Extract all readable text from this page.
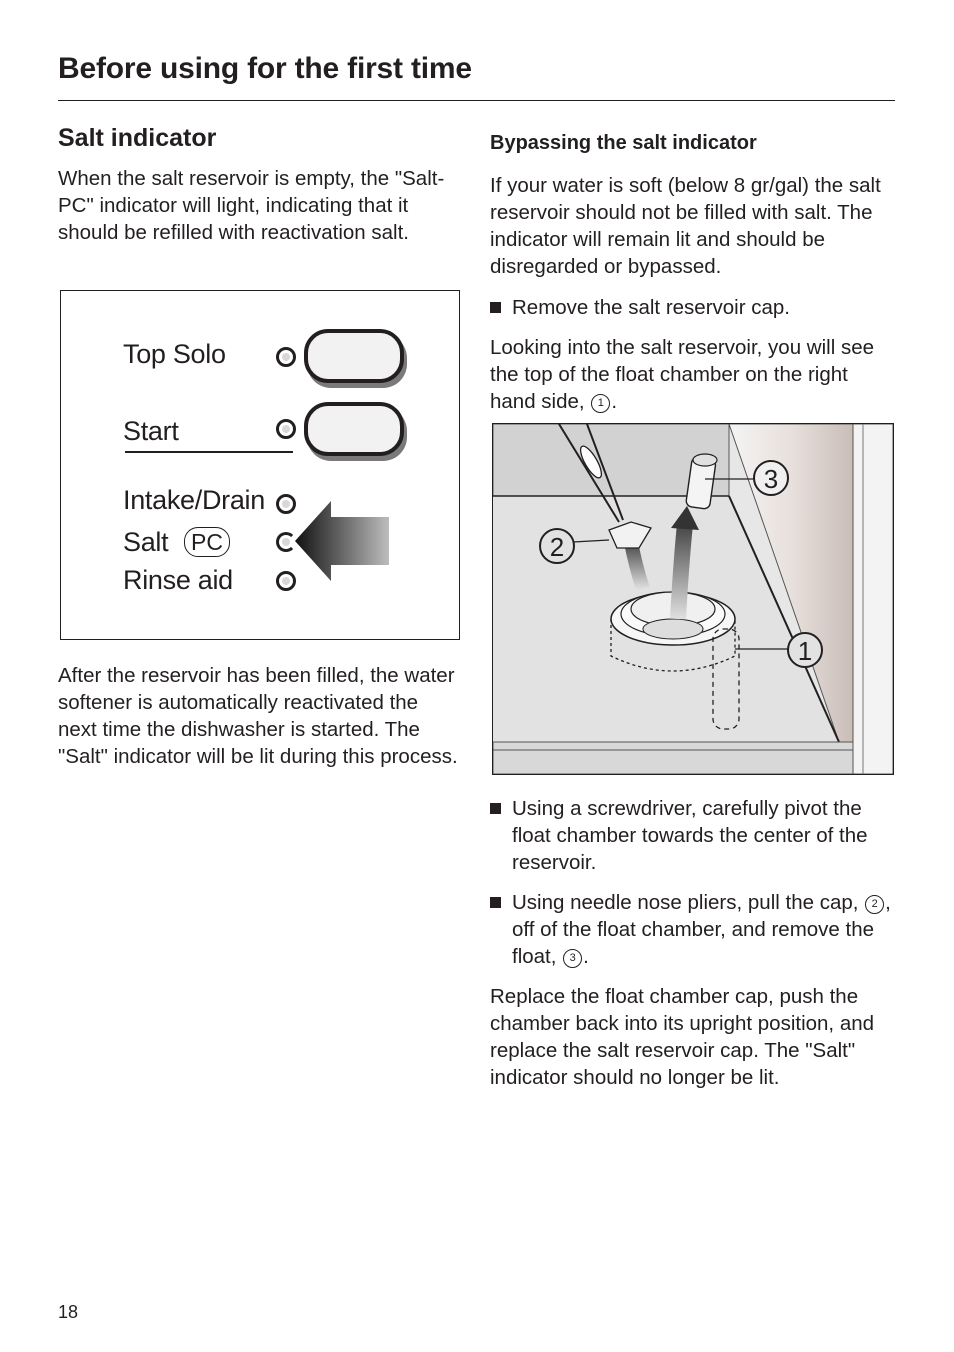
Before using for the first time
Salt indicator

When the salt reservoir is empty, the "Salt-PC" indicator will light, indicating that it should be refilled with reactivation salt.

Top Solo
Start
Intake/Drain
Salt PC
Rinse aid

After the reservoir has been filled, the water softener is automatically reactivated the next time the dishwasher is started. The "Salt" indicator will be lit during this process.

Bypassing the salt indicator

If your water is soft (below 8 gr/gal) the salt reservoir should not be filled with salt. The indicator will remain lit and should be disregarded or bypassed.

Remove the salt reservoir cap.

Looking into the salt reservoir, you will see the top of the float chamber on the right hand side, 1 .

2
3
1
Using a screwdriver, carefully pivot the float chamber towards the center of the reservoir.
Using needle nose pliers, pull the cap, 2 , off of the float chamber, and remove the float, 3 .

Replace the float chamber cap, push the chamber back into its upright position, and replace the salt reservoir cap. The "Salt" indicator should no longer be lit.

18
